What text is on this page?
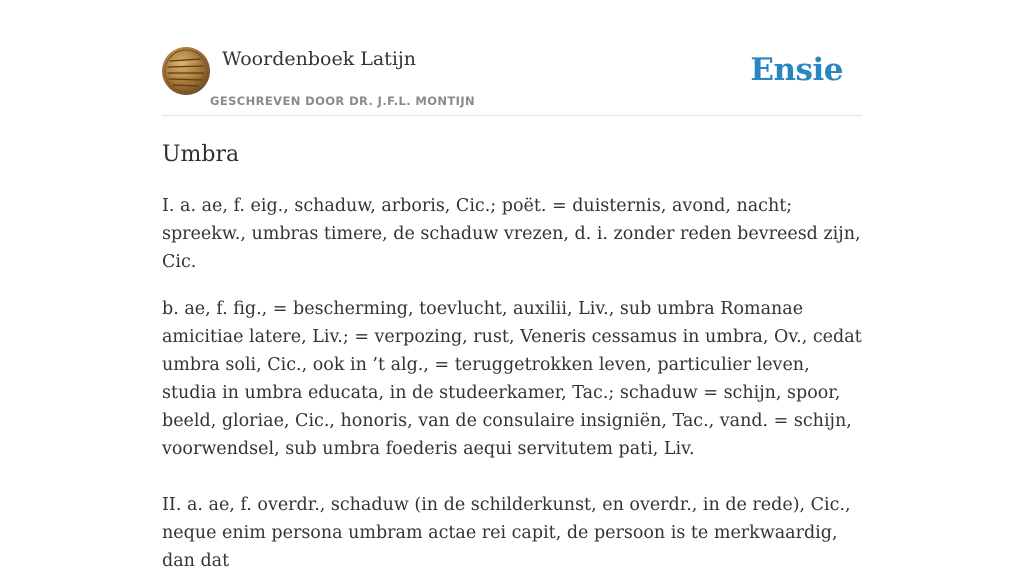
Woordenboek Latijn
GESCHREVEN DOOR DR. J.F.L. MONTIJN
Ensie
Umbra

I. a. ae, f. eig., schaduw, arboris, Cic.; poët. = duisternis, avond, nacht; spreekw., umbras timere, de schaduw vrezen, d. i. zonder reden bevreesd zijn, Cic.

b. ae, f. fig., = bescherming, toevlucht, auxilii, Liv., sub umbra Romanae amicitiae latere, Liv.; = verpozing, rust, Veneris cessamus in umbra, Ov., cedat umbra soli, Cic., ook in ’t alg., = teruggetrokken leven, particulier leven, studia in umbra educata, in de studeerkamer, Tac.; schaduw = schijn, spoor, beeld, gloriae, Cic., honoris, van de consulaire insigniën, Tac., vand. = schijn, voorwendsel, sub umbra foederis aequi servitutem pati, Liv.

II. a. ae, f. overdr., schaduw (in de schilderkunst, en overdr., in de rede), Cic., neque enim persona umbram actae rei capit, de persoon is te merkwaardig, dan dat
